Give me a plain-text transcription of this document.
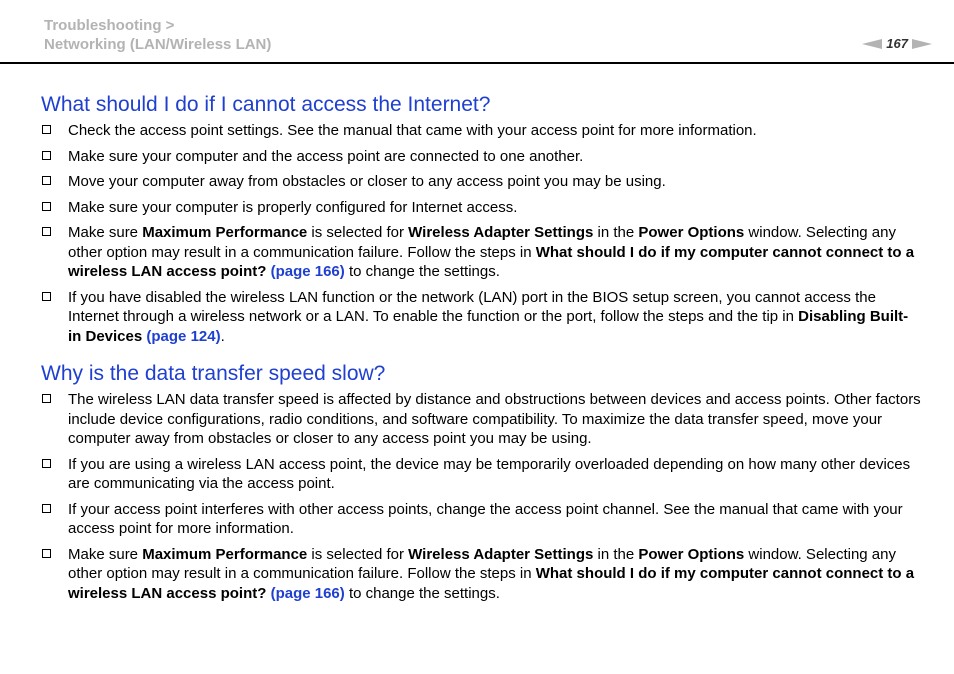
Troubleshooting >
Networking (LAN/Wireless LAN)	167
What should I do if I cannot access the Internet?
Check the access point settings. See the manual that came with your access point for more information.
Make sure your computer and the access point are connected to one another.
Move your computer away from obstacles or closer to any access point you may be using.
Make sure your computer is properly configured for Internet access.
Make sure Maximum Performance is selected for Wireless Adapter Settings in the Power Options window. Selecting any other option may result in a communication failure. Follow the steps in What should I do if my computer cannot connect to a wireless LAN access point? (page 166) to change the settings.
If you have disabled the wireless LAN function or the network (LAN) port in the BIOS setup screen, you cannot access the Internet through a wireless network or a LAN. To enable the function or the port, follow the steps and the tip in Disabling Built-in Devices (page 124).
Why is the data transfer speed slow?
The wireless LAN data transfer speed is affected by distance and obstructions between devices and access points. Other factors include device configurations, radio conditions, and software compatibility. To maximize the data transfer speed, move your computer away from obstacles or closer to any access point you may be using.
If you are using a wireless LAN access point, the device may be temporarily overloaded depending on how many other devices are communicating via the access point.
If your access point interferes with other access points, change the access point channel. See the manual that came with your access point for more information.
Make sure Maximum Performance is selected for Wireless Adapter Settings in the Power Options window. Selecting any other option may result in a communication failure. Follow the steps in What should I do if my computer cannot connect to a wireless LAN access point? (page 166) to change the settings.
